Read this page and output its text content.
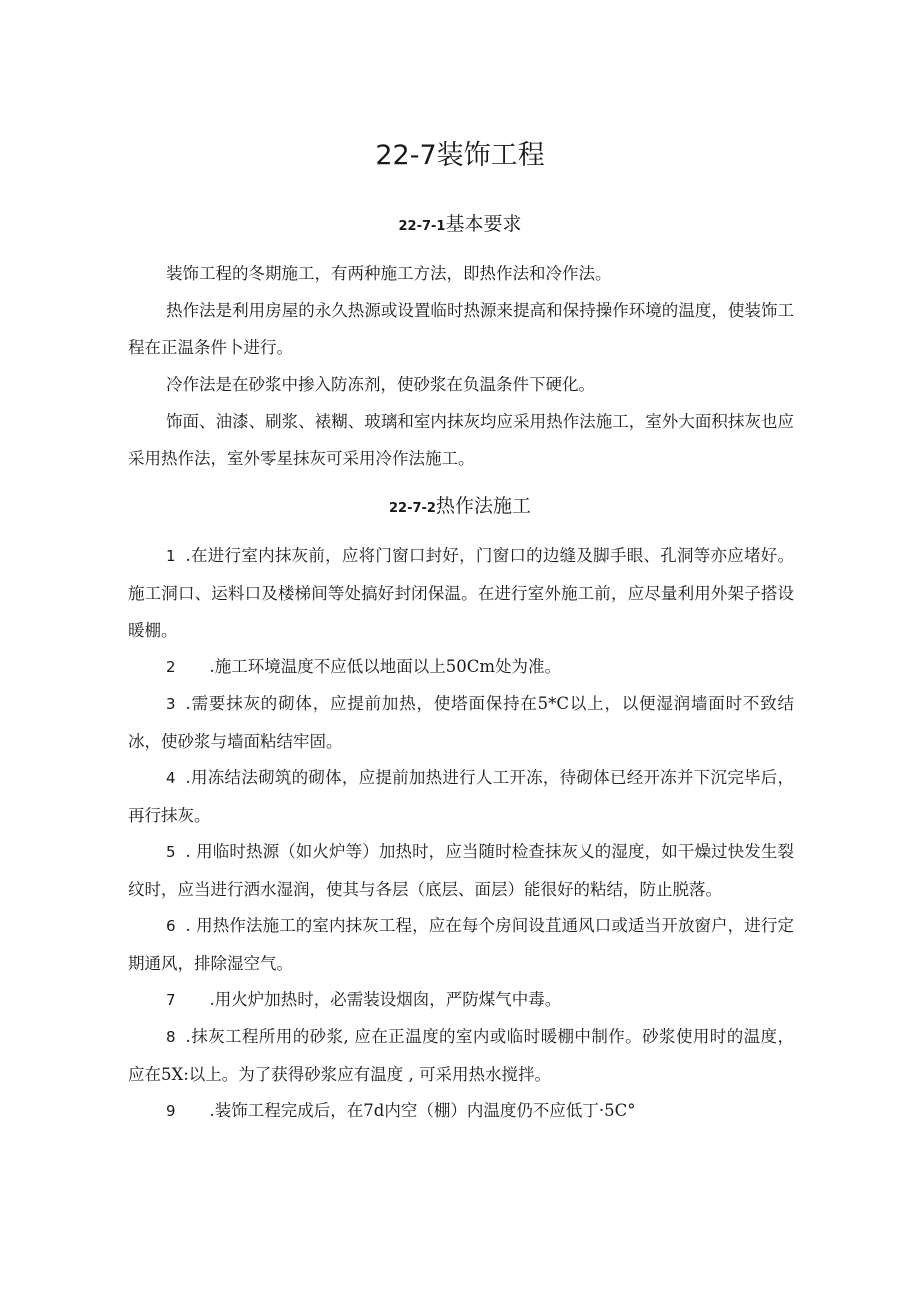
22-7装饰工程
22-7-1基本要求

装饰工程的冬期施工，有两种施工方法，即热作法和冷作法。

热作法是利用房屋的永久热源或设置临时热源来提高和保持操作环境的温度，使装饰工程在正温条件卜进行。

冷作法是在砂浆中掺入防冻剂，使砂浆在负温条件下硬化。

饰面、油漆、刷浆、裱糊、玻璃和室内抹灰均应采用热作法施工，室外大面积抹灰也应采用热作法，室外零星抹灰可采用冷作法施工。

22-7-2热作法施工

1 .在进行室内抹灰前，应将门窗口封好，门窗口的边缝及脚手眼、孔洞等亦应堵好。施工洞口、运料口及楼梯间等处搞好封闭保温。在进行室外施工前，应尽量利用外架子搭设暖棚。

2 .施工环境温度不应低以地面以上50Cm处为准。

3 .需要抹灰的砌体，应提前加热，使塔面保持在5*C以上，以便湿润墙面时不致结冰，使砂浆与墙面粘结牢固。

4 .用冻结法砌筑的砌体，应提前加热进行人工开冻，待砌体已经开冻并下沉完毕后，再行抹灰。

5 . 用临时热源（如火炉等）加热时，应当随时检查抹灰乂的湿度，如干燥过快发生裂纹时，应当进行洒水湿润，使其与各层（底层、面层）能很好的粘结，防止脱落。

6 . 用热作法施工的室内抹灰工程，应在每个房间设苴通风口或适当开放窗户，进行定期通风，排除湿空气。

7 .用火炉加热时，必需装设烟囱，严防煤气中毒。

8 .抹灰工程所用的砂浆, 应在正温度的室内或临时暖棚中制作。砂浆使用时的温度，应在5X:以上。为了获得砂浆应有温度 , 可采用热水搅拌。

9 .装饰工程完成后，在7d内空（棚）内温度仍不应低丁·5C°
